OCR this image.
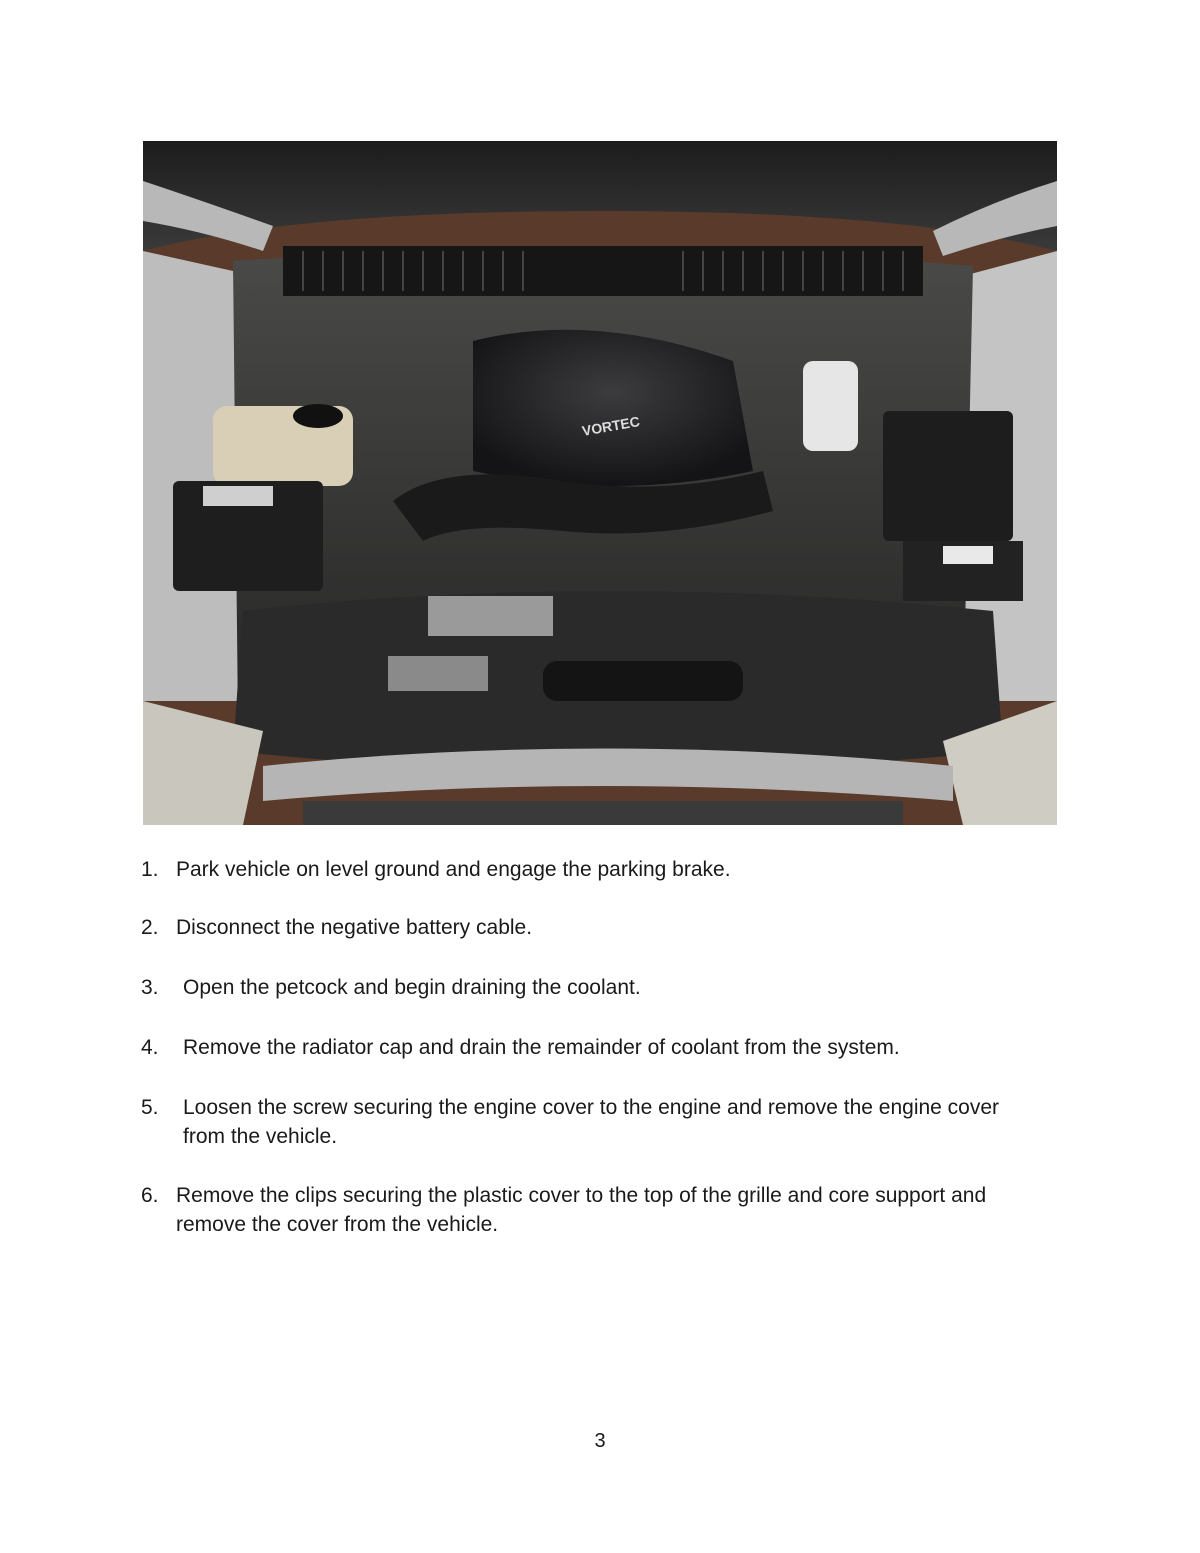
VORTEC
1. Park vehicle on level ground and engage the parking brake.
2. Disconnect the negative battery cable.
3.	Open the petcock and begin draining the coolant.
4.	Remove the radiator cap and drain the remainder of coolant from the system.
5.	Loosen the screw securing the engine cover to the engine and remove the engine cover from the vehicle.
6. Remove the clips securing the plastic cover to the top of the grille and core support and remove the cover from the vehicle.
3
